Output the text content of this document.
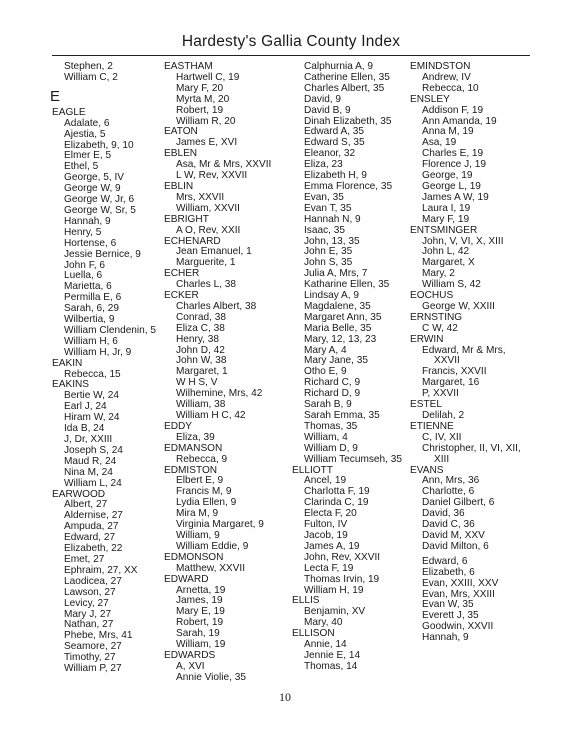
Hardesty's Gallia County Index
Stephen, 2
William C, 2
E
EAGLE
Adalate, 6
Ajestia, 5
Elizabeth, 9, 10
Elmer E, 5
Ethel, 5
George, 5, IV
George W, 9
George W, Jr, 6
George W, Sr, 5
Hannah, 9
Henry, 5
Hortense, 6
Jessie Bernice, 9
John F, 6
Luella, 6
Marietta, 6
Permilla E, 6
Sarah, 6, 29
Wilbertia, 9
William Clendenin, 5
William H, 6
William H, Jr, 9
EAKIN
Rebecca, 15
EAKINS
Bertie W, 24
Earl J, 24
Hiram W, 24
Ida B, 24
J, Dr, XXIII
Joseph S, 24
Maud R, 24
Nina M, 24
William L, 24
EARWOOD
Albert, 27
Aldernise, 27
Ampuda, 27
Edward, 27
Elizabeth, 22
Emet, 27
Ephraim, 27, XX
Laodicea, 27
Lawson, 27
Levicy, 27
Mary J, 27
Nathan, 27
Phebe, Mrs, 41
Seamore, 27
Timothy, 27
William P, 27
EASTHAM
Hartwell C, 19
Mary F, 20
Myrta M, 20
Robert, 19
William R, 20
EATON
James E, XVI
EBLEN
Asa, Mr & Mrs, XXVII
L W, Rev, XXVII
EBLIN
Mrs, XXVII
William, XXVII
EBRIGHT
A O, Rev, XXII
ECHENARD
Jean Emanuel, 1
Marguerite, 1
ECHER
Charles L, 38
ECKER
Charles Albert, 38
Conrad, 38
Eliza C, 38
Henry, 38
John D, 42
John W, 38
Margaret, 1
W H S, V
Wilhemine, Mrs, 42
William, 38
William H C, 42
EDDY
Eliza, 39
EDMANSON
Rebecca, 9
EDMISTON
Elbert E, 9
Francis M, 9
Lydia Ellen, 9
Mira M, 9
Virginia Margaret, 9
William, 9
William Eddie, 9
EDMONSON
Matthew, XXVII
EDWARD
Arnetta, 19
James, 19
Mary E, 19
Robert, 19
Sarah, 19
William, 19
EDWARDS
A, XVI
Annie Violie, 35
Calphurnia A, 9
Catherine Ellen, 35
Charles Albert, 35
David, 9
David B, 9
Dinah Elizabeth, 35
Edward A, 35
Edward S, 35
Eleanor, 32
Eliza, 23
Elizabeth H, 9
Emma Florence, 35
Evan, 35
Evan T, 35
Hannah N, 9
Isaac, 35
John, 13, 35
John E, 35
John S, 35
Julia A, Mrs, 7
Katharine Ellen, 35
Lindsay A, 9
Magdalene, 35
Margaret Ann, 35
Maria Belle, 35
Mary, 12, 13, 23
Mary A, 4
Mary Jane, 35
Otho E, 9
Richard C, 9
Richard D, 9
Sarah B, 9
Sarah Emma, 35
Thomas, 35
William, 4
William D, 9
William Tecumseh, 35
ELLIOTT
Ancel, 19
Charlotta F, 19
Clarinda C, 19
Electa F, 20
Fulton, IV
Jacob, 19
James A, 19
John, Rev, XXVII
Lecta F, 19
Thomas Irvin, 19
William H, 19
ELLIS
Benjamin, XV
Mary, 40
ELLISON
Annie, 14
Jennie E, 14
Thomas, 14
EMINDSTON
Andrew, IV
Rebecca, 10
ENSLEY
Addison F, 19
Ann Amanda, 19
Anna M, 19
Asa, 19
Charles E, 19
Florence J, 19
George, 19
George L, 19
James A W, 19
Laura I, 19
Mary F, 19
ENTSMINGER
John, V, VI, X, XIII
John L, 42
Margaret, X
Mary, 2
William S, 42
EOCHUS
George W, XXIII
ERNSTING
C W, 42
ERWIN
Edward, Mr & Mrs,
XXVII
Francis, XXVII
Margaret, 16
P, XXVII
ESTEL
Delilah, 2
ETIENNE
C, IV, XII
Christopher, II, VI, XII,
XIII
EVANS
Ann, Mrs, 36
Charlotte, 6
Daniel Gilbert, 6
David, 36
David C, 36
David M, XXV
David Milton, 6
Edward, 6
Elizabeth, 6
Evan, XXIII, XXV
Evan, Mrs, XXIII
Evan W, 35
Everett J, 35
Goodwin, XXVII
Hannah, 9
10
